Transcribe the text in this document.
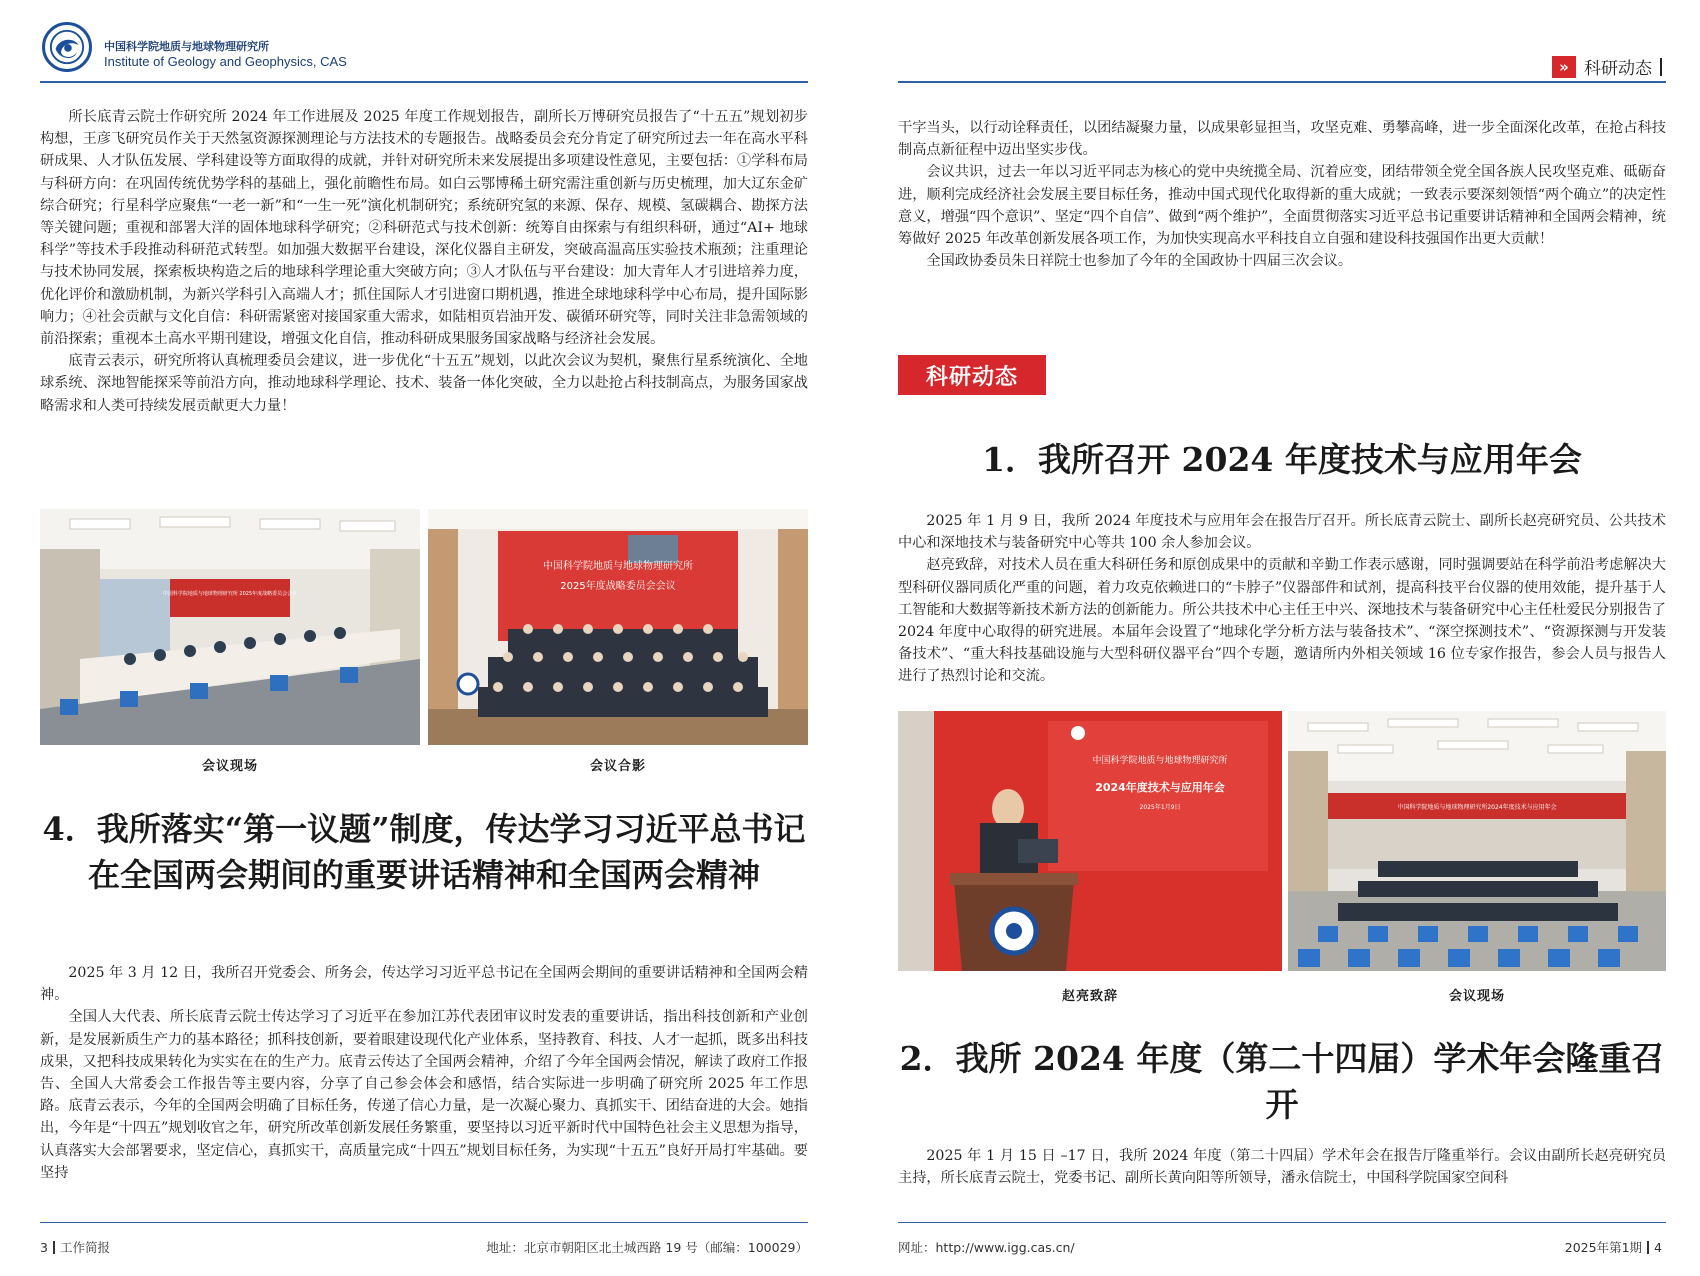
中国科学院地质与地球物理研究所
Institute of Geology and Geophysics, CAS

所长底青云院士作研究所 2024 年工作进展及 2025 年度工作规划报告，副所长万博研究员报告了“十五五”规划初步构想，王彦飞研究员作关于天然氢资源探测理论与方法技术的专题报告。战略委员会充分肯定了研究所过去一年在高水平科研成果、人才队伍发展、学科建设等方面取得的成就，并针对研究所未来发展提出多项建设性意见，主要包括：①学科布局与科研方向：在巩固传统优势学科的基础上，强化前瞻性布局。如白云鄂博稀土研究需注重创新与历史梳理，加大辽东金矿综合研究；行星科学应聚焦“一老一新”和“一生一死”演化机制研究；系统研究氢的来源、保存、规模、氢碳耦合、勘探方法等关键问题；重视和部署大洋的固体地球科学研究；②科研范式与技术创新：统筹自由探索与有组织科研，通过“AI+ 地球科学”等技术手段推动科研范式转型。如加强大数据平台建设，深化仪器自主研发，突破高温高压实验技术瓶颈；注重理论与技术协同发展，探索板块构造之后的地球科学理论重大突破方向；③人才队伍与平台建设：加大青年人才引进培养力度，优化评价和激励机制，为新兴学科引入高端人才；抓住国际人才引进窗口期机遇，推进全球地球科学中心布局，提升国际影响力；④社会贡献与文化自信：科研需紧密对接国家重大需求，如陆相页岩油开发、碳循环研究等，同时关注非急需领域的前沿探索；重视本土高水平期刊建设，增强文化自信，推动科研成果服务国家战略与经济社会发展。

底青云表示，研究所将认真梳理委员会建议，进一步优化“十五五”规划，以此次会议为契机，聚焦行星系统演化、全地球系统、深地智能探采等前沿方向，推动地球科学理论、技术、装备一体化突破，全力以赴抢占科技制高点，为服务国家战略需求和人类可持续发展贡献更大力量！

中国科学院地质与地球物理研究所 2025年度战略委员会会议
会议现场
中国科学院地质与地球物理研究所
2025年度战略委员会会议
会议合影
4．我所落实“第一议题”制度，传达学习习近平总书记在全国两会期间的重要讲话精神和全国两会精神

2025 年 3 月 12 日，我所召开党委会、所务会，传达学习习近平总书记在全国两会期间的重要讲话精神和全国两会精神。

全国人大代表、所长底青云院士传达学习了习近平在参加江苏代表团审议时发表的重要讲话，指出科技创新和产业创新，是发展新质生产力的基本路径；抓科技创新，要着眼建设现代化产业体系，坚持教育、科技、人才一起抓，既多出科技成果，又把科技成果转化为实实在在的生产力。底青云传达了全国两会精神，介绍了今年全国两会情况，解读了政府工作报告、全国人大常委会工作报告等主要内容，分享了自己参会体会和感悟，结合实际进一步明确了研究所 2025 年工作思路。底青云表示，今年的全国两会明确了目标任务，传递了信心力量，是一次凝心聚力、真抓实干、团结奋进的大会。她指出，今年是“十四五”规划收官之年，研究所改革创新发展任务繁重，要坚持以习近平新时代中国特色社会主义思想为指导，认真落实大会部署要求，坚定信心，真抓实干，高质量完成“十四五”规划目标任务，为实现“十五五”良好开局打牢基础。要坚持

3 工作简报	地址：北京市朝阳区北土城西路 19 号（邮编：100029）
» 科研动态

干字当头，以行动诠释责任，以团结凝聚力量，以成果彰显担当，攻坚克难、勇攀高峰，进一步全面深化改革，在抢占科技制高点新征程中迈出坚实步伐。

会议共识，过去一年以习近平同志为核心的党中央统揽全局、沉着应变，团结带领全党全国各族人民攻坚克难、砥砺奋进，顺利完成经济社会发展主要目标任务，推动中国式现代化取得新的重大成就；一致表示要深刻领悟“两个确立”的决定性意义，增强“四个意识”、坚定“四个自信”、做到“两个维护”，全面贯彻落实习近平总书记重要讲话精神和全国两会精神，统筹做好 2025 年改革创新发展各项工作，为加快实现高水平科技自立自强和建设科技强国作出更大贡献！

全国政协委员朱日祥院士也参加了今年的全国政协十四届三次会议。

科研动态
1．我所召开 2024 年度技术与应用年会

2025 年 1 月 9 日，我所 2024 年度技术与应用年会在报告厅召开。所长底青云院士、副所长赵亮研究员、公共技术中心和深地技术与装备研究中心等共 100 余人参加会议。

赵亮致辞，对技术人员在重大科研任务和原创成果中的贡献和辛勤工作表示感谢，同时强调要站在科学前沿考虑解决大型科研仪器同质化严重的问题，着力攻克依赖进口的“卡脖子”仪器部件和试剂，提高科技平台仪器的使用效能，提升基于人工智能和大数据等新技术新方法的创新能力。所公共技术中心主任王中兴、深地技术与装备研究中心主任杜爱民分别报告了 2024 年度中心取得的研究进展。本届年会设置了“地球化学分析方法与装备技术”、“深空探测技术”、“资源探测与开发装备技术”、“重大科技基础设施与大型科研仪器平台”四个专题，邀请所内外相关领域 16 位专家作报告，参会人员与报告人进行了热烈讨论和交流。

中国科学院地质与地球物理研究所
2024年度技术与应用年会
2025年1月9日
赵亮致辞
中国科学院地质与地球物理研究所2024年度技术与应用年会
会议现场
2．我所 2024 年度（第二十四届）学术年会隆重召开

2025 年 1 月 15 日 –17 日，我所 2024 年度（第二十四届）学术年会在报告厅隆重举行。会议由副所长赵亮研究员主持，所长底青云院士，党委书记、副所长黄向阳等所领导，潘永信院士，中国科学院国家空间科

网址：http://www.igg.cas.cn/	2025年第1期 4
